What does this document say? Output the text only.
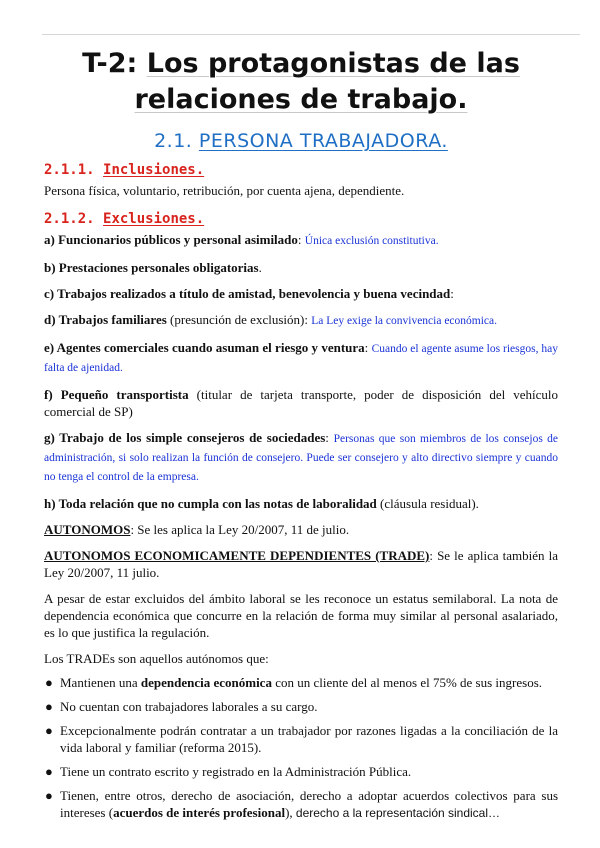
T-2: Los protagonistas de las
relaciones de trabajo.
2.1. PERSONA TRABAJADORA.
2.1.1. Inclusiones.

Persona física, voluntario, retribución, por cuenta ajena, dependiente.

2.1.2. Exclusiones.

a) Funcionarios públicos y personal asimilado: Única exclusión constitutiva.

b) Prestaciones personales obligatorias.

c) Trabajos realizados a título de amistad, benevolencia y buena vecindad:

d) Trabajos familiares (presunción de exclusión): La Ley exige la convivencia económica.

e) Agentes comerciales cuando asuman el riesgo y ventura: Cuando el agente asume los riesgos, hay falta de ajenidad.

f) Pequeño transportista (titular de tarjeta transporte, poder de disposición del vehículo comercial de SP)

g) Trabajo de los simple consejeros de sociedades: Personas que son miembros de los consejos de administración, si solo realizan la función de consejero. Puede ser consejero y alto directivo siempre y cuando no tenga el control de la empresa.

h) Toda relación que no cumpla con las notas de laboralidad (cláusula residual).

AUTONOMOS: Se les aplica la Ley 20/2007, 11 de julio.

AUTONOMOS ECONOMICAMENTE DEPENDIENTES (TRADE): Se le aplica también la Ley 20/2007, 11 julio.

A pesar de estar excluidos del ámbito laboral se les reconoce un estatus semilaboral. La nota de dependencia económica que concurre en la relación de forma muy similar al personal asalariado, es lo que justifica la regulación.

Los TRADEs son aquellos autónomos que:

● Mantienen una dependencia económica con un cliente del al menos el 75% de sus ingresos.
● No cuentan con trabajadores laborales a su cargo.
● Excepcionalmente podrán contratar a un trabajador por razones ligadas a la conciliación de la vida laboral y familiar (reforma 2015).
● Tiene un contrato escrito y registrado en la Administración Pública.
● Tienen, entre otros, derecho de asociación, derecho a adoptar acuerdos colectivos para sus intereses (acuerdos de interés profesional), derecho a la representación sindical…
